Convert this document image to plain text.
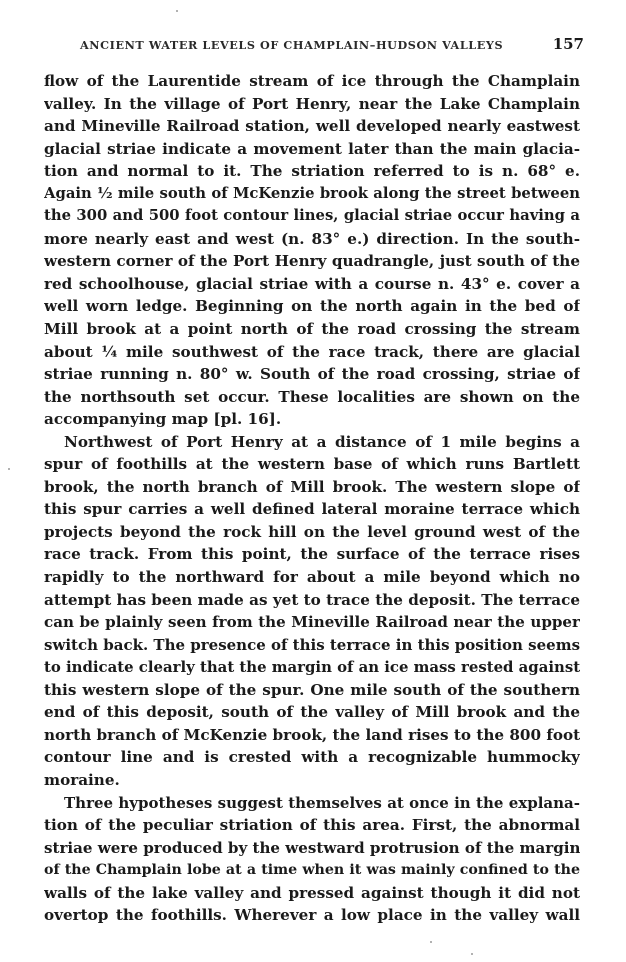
ANCIENT WATER LEVELS OF CHAMPLAIN–HUDSON VALLEYS	157
flow of the Laurentide stream of ice through the Champlain
valley. In the village of Port Henry, near the Lake Champlain
and Mineville Railroad station, well developed nearly eastwest
glacial striae indicate a movement later than the main glacia-
tion and normal to it. The striation referred to is n. 68° e.
Again ½ mile south of McKenzie brook along the street between
the 300 and 500 foot contour lines, glacial striae occur having a
more nearly east and west (n. 83° e.) direction. In the south-
western corner of the Port Henry quadrangle, just south of the
red schoolhouse, glacial striae with a course n. 43° e. cover a
well worn ledge. Beginning on the north again in the bed of
Mill brook at a point north of the road crossing the stream
about ¼ mile southwest of the race track, there are glacial
striae running n. 80° w. South of the road crossing, striae of
the northsouth set occur. These localities are shown on the
accompanying map [pl. 16].
Northwest of Port Henry at a distance of 1 mile begins a
spur of foothills at the western base of which runs Bartlett
brook, the north branch of Mill brook. The western slope of
this spur carries a well defined lateral moraine terrace which
projects beyond the rock hill on the level ground west of the
race track. From this point, the surface of the terrace rises
rapidly to the northward for about a mile beyond which no
attempt has been made as yet to trace the deposit. The terrace
can be plainly seen from the Mineville Railroad near the upper
switch back. The presence of this terrace in this position seems
to indicate clearly that the margin of an ice mass rested against
this western slope of the spur. One mile south of the southern
end of this deposit, south of the valley of Mill brook and the
north branch of McKenzie brook, the land rises to the 800 foot
contour line and is crested with a recognizable hummocky
moraine.
Three hypotheses suggest themselves at once in the explana-
tion of the peculiar striation of this area. First, the abnormal
striae were produced by the westward protrusion of the margin
of the Champlain lobe at a time when it was mainly confined to the
walls of the lake valley and pressed against though it did not
overtop the foothills. Wherever a low place in the valley wall
